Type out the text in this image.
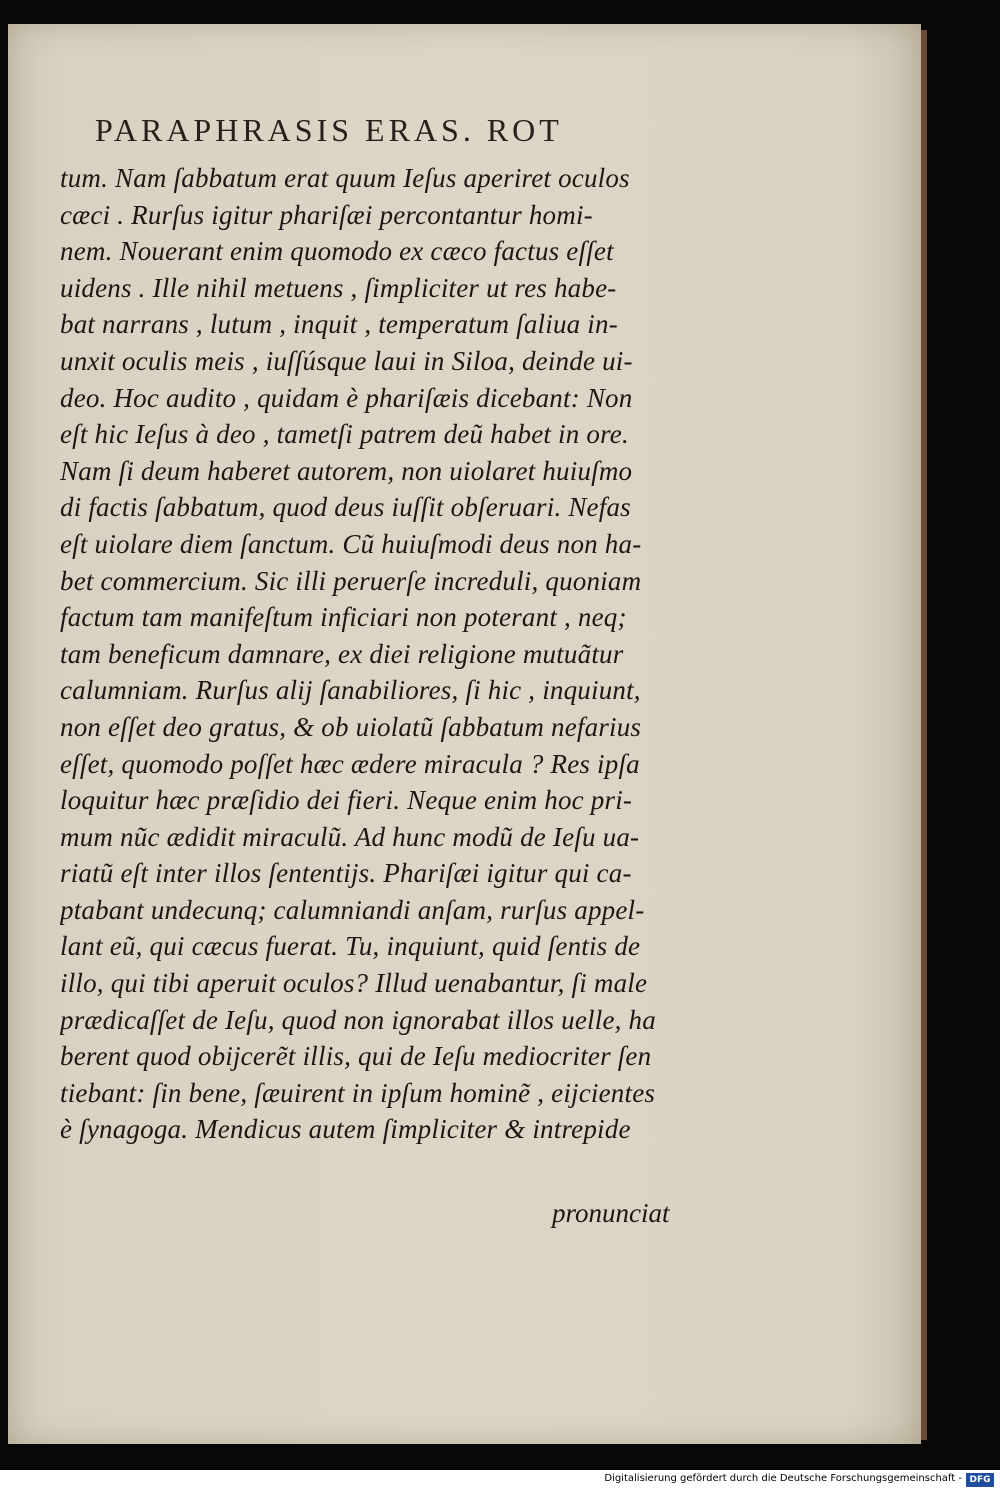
PARAPHRASIS ERAS. ROT
tum. Nam ſabbatum erat quum Ieſus aperiret oculos
cæci . Rurſus igitur phariſæi percontantur homi-
nem. Nouerant enim quomodo ex cæco factus eſſet
uidens . Ille nihil metuens , ſimpliciter ut res habe-
bat narrans , lutum , inquit , temperatum ſaliua in-
unxit oculis meis , iuſſúsque laui in Siloa, deinde ui-
deo. Hoc audito , quidam è phariſæis dicebant: Non
eſt hic Ieſus à deo , tametſi patrem deũ habet in ore.
Nam ſi deum haberet autorem, non uiolaret huiuſmo
di factis ſabbatum, quod deus iuſſit obſeruari. Nefas
eſt uiolare diem ſanctum. Cũ huiuſmodi deus non ha-
bet commercium. Sic illi peruerſe increduli, quoniam
factum tam manifeſtum inficiari non poterant , neq;
tam beneficum damnare, ex diei religione mutuãtur
calumniam. Rurſus alij ſanabiliores, ſi hic , inquiunt,
non eſſet deo gratus, & ob uiolatũ ſabbatum nefarius
eſſet, quomodo poſſet hæc ædere miracula ? Res ipſa
loquitur hæc præſidio dei fieri. Neque enim hoc pri-
mum nũc ædidit miraculũ. Ad hunc modũ de Ieſu ua-
riatũ eſt inter illos ſententijs. Phariſæi igitur qui ca-
ptabant undecunq; calumniandi anſam, rurſus appel-
lant eũ, qui cæcus fuerat. Tu, inquiunt, quid ſentis de
illo, qui tibi aperuit oculos? Illud uenabantur, ſi male
prædicaſſet de Ieſu, quod non ignorabat illos uelle, ha
berent quod obijcerẽt illis, qui de Ieſu mediocriter ſen
tiebant: ſin bene, ſæuirent in ipſum hominẽ , eijcientes
è ſynagoga. Mendicus autem ſimpliciter & intrepide
pronunciat
Digitalisierung gefördert durch die Deutsche Forschungsgemeinschaft - DFG
